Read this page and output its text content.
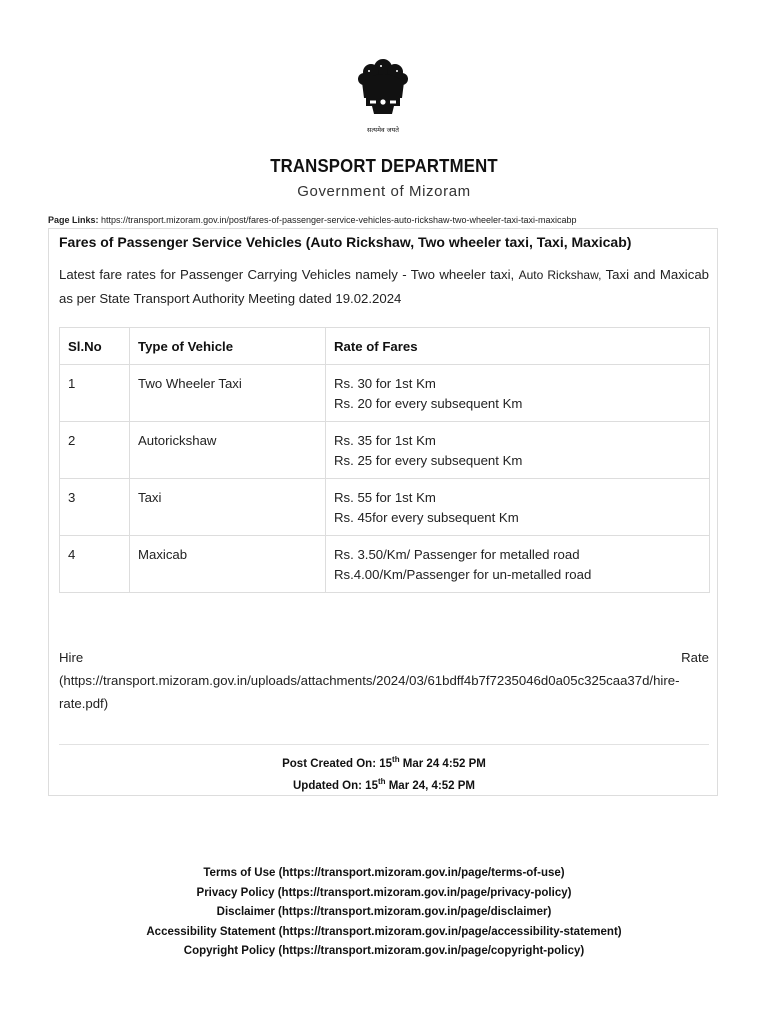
सत्यमेव जयते
TRANSPORT DEPARTMENT
Government of Mizoram
Page Links: https://transport.mizoram.gov.in/post/fares-of-passenger-service-vehicles-auto-rickshaw-two-wheeler-taxi-taxi-maxicabp
Fares of Passenger Service Vehicles (Auto Rickshaw, Two wheeler taxi, Taxi, Maxicab)
Latest fare rates for Passenger Carrying Vehicles namely - Two wheeler taxi, Auto Rickshaw, Taxi and Maxicab as per State Transport Authority Meeting dated 19.02.2024
Sl.No	Type of Vehicle	Rate of Fares
1	Two Wheeler Taxi	Rs. 30 for 1st Km
Rs. 20 for every subsequent Km

2	Autorickshaw	Rs. 35 for 1st Km
Rs. 25 for every subsequent Km

3	Taxi	Rs. 55 for 1st Km
Rs. 45for every subsequent Km

4	Maxicab	Rs. 3.50/Km/ Passenger for metalled road
Rs.4.00/Km/Passenger for un-metalled road
Hire	Rate
(https://transport.mizoram.gov.in/uploads/attachments/2024/03/61bdff4b7f7235046d0a05c325caa37d/hire-
rate.pdf)
Post Created On: 15th Mar 24 4:52 PM
Updated On: 15th Mar 24, 4:52 PM
Terms of Use (https://transport.mizoram.gov.in/page/terms-of-use)
Privacy Policy (https://transport.mizoram.gov.in/page/privacy-policy)
Disclaimer (https://transport.mizoram.gov.in/page/disclaimer)
Accessibility Statement (https://transport.mizoram.gov.in/page/accessibility-statement)
Copyright Policy (https://transport.mizoram.gov.in/page/copyright-policy)
